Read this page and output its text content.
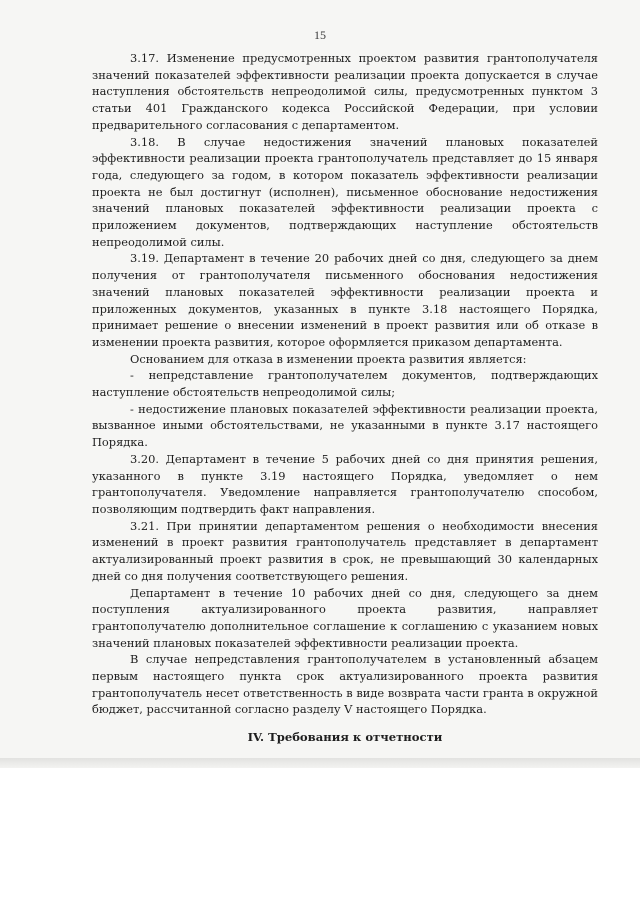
15

3.17. Изменение предусмотренных проектом развития грантополучателя значений показателей эффективности реализации проекта допускается в случае наступления обстоятельств непреодолимой силы, предусмотренных пунктом 3 статьи 401 Гражданского кодекса Российской Федерации, при условии предварительного согласования с департаментом.

3.18. В случае недостижения значений плановых показателей эффективности реализации проекта грантополучатель представляет до 15 января года, следующего за годом, в котором показатель эффективности реализации проекта не был достигнут (исполнен), письменное обоснование недостижения значений плановых показателей эффективности реализации проекта с приложением документов, подтверждающих наступление обстоятельств непреодолимой силы.

3.19. Департамент в течение 20 рабочих дней со дня, следующего за днем получения от грантополучателя письменного обоснования недостижения значений плановых показателей эффективности реализации проекта и приложенных документов, указанных в пункте 3.18 настоящего Порядка, принимает решение о внесении изменений в проект развития или об отказе в изменении проекта развития, которое оформляется приказом департамента.

Основанием для отказа в изменении проекта развития является:

- непредставление грантополучателем документов, подтверждающих наступление обстоятельств непреодолимой силы;

- недостижение плановых показателей эффективности реализации проекта, вызванное иными обстоятельствами, не указанными в пункте 3.17 настоящего Порядка.

3.20. Департамент в течение 5 рабочих дней со дня принятия решения, указанного в пункте 3.19 настоящего Порядка, уведомляет о нем грантополучателя. Уведомление направляется грантополучателю способом, позволяющим подтвердить факт направления.

3.21. При принятии департаментом решения о необходимости внесения изменений в проект развития грантополучатель представляет в департамент актуализированный проект развития в срок, не превышающий 30 календарных дней со дня получения соответствующего решения.

Департамент в течение 10 рабочих дней со дня, следующего за днем поступления актуализированного проекта развития, направляет грантополучателю дополнительное соглашение к соглашению с указанием новых значений плановых показателей эффективности реализации проекта.

В случае непредставления грантополучателем в установленный абзацем первым настоящего пункта срок актуализированного проекта развития грантополучатель несет ответственность в виде возврата части гранта в окружной бюджет, рассчитанной согласно разделу V настоящего Порядка.

IV. Требования к отчетности
